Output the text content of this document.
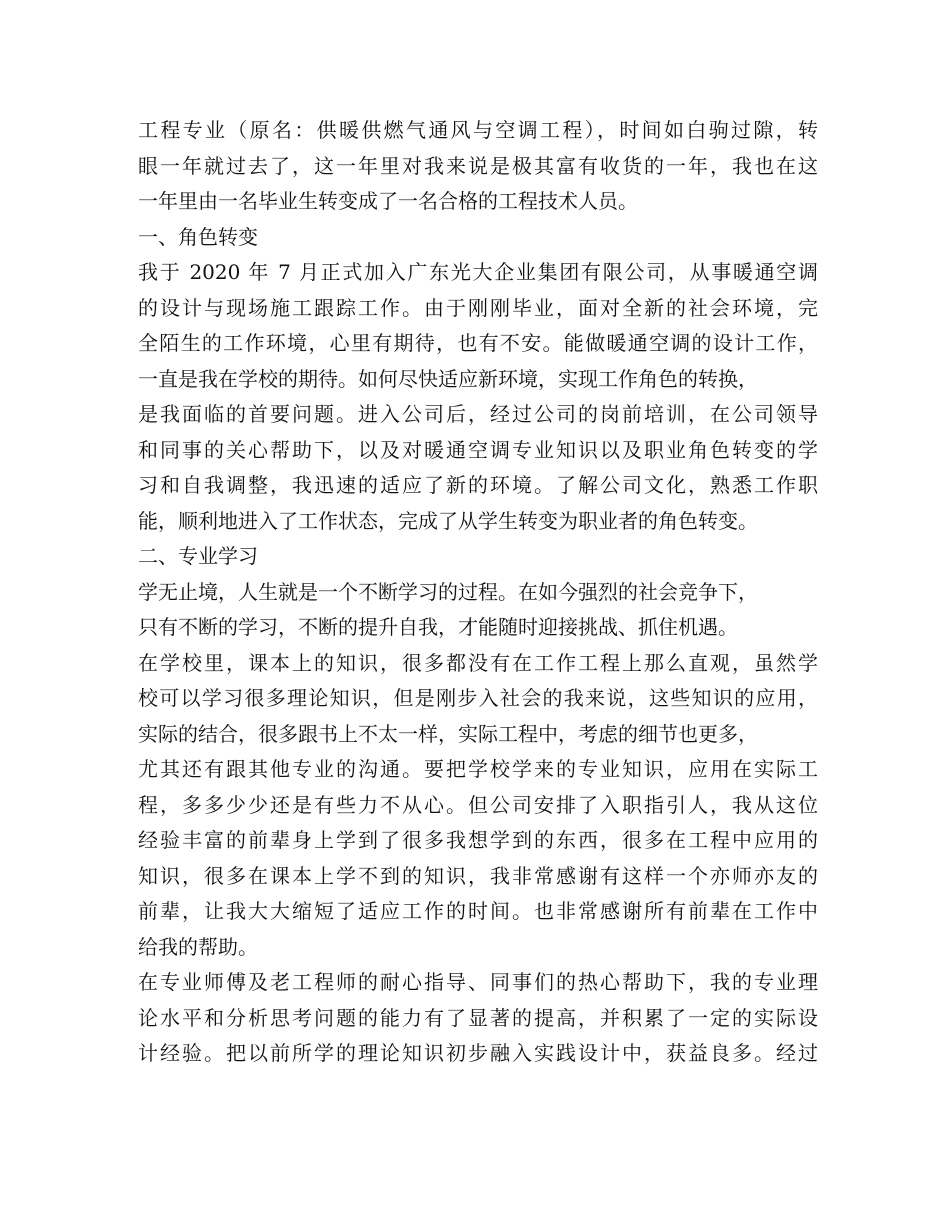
工程专业（原名：供暖供燃气通风与空调工程），时间如白驹过隙，转
眼一年就过去了，这一年里对我来说是极其富有收货的一年，我也在这
一年里由一名毕业生转变成了一名合格的工程技术人员。
一、角色转变
我于 2020 年 7 月正式加入广东光大企业集团有限公司，从事暖通空调
的设计与现场施工跟踪工作。由于刚刚毕业，面对全新的社会环境，完
全陌生的工作环境，心里有期待，也有不安。能做暖通空调的设计工作，
一直是我在学校的期待。如何尽快适应新环境，实现工作角色的转换，
是我面临的首要问题。进入公司后，经过公司的岗前培训，在公司领导
和同事的关心帮助下，以及对暖通空调专业知识以及职业角色转变的学
习和自我调整，我迅速的适应了新的环境。了解公司文化，熟悉工作职
能，顺利地进入了工作状态，完成了从学生转变为职业者的角色转变。
二、专业学习
学无止境，人生就是一个不断学习的过程。在如今强烈的社会竞争下，
只有不断的学习，不断的提升自我，才能随时迎接挑战、抓住机遇。
在学校里，课本上的知识，很多都没有在工作工程上那么直观，虽然学
校可以学习很多理论知识，但是刚步入社会的我来说，这些知识的应用，
实际的结合，很多跟书上不太一样，实际工程中，考虑的细节也更多，
尤其还有跟其他专业的沟通。要把学校学来的专业知识，应用在实际工
程，多多少少还是有些力不从心。但公司安排了入职指引人，我从这位
经验丰富的前辈身上学到了很多我想学到的东西，很多在工程中应用的
知识，很多在课本上学不到的知识，我非常感谢有这样一个亦师亦友的
前辈，让我大大缩短了适应工作的时间。也非常感谢所有前辈在工作中
给我的帮助。
在专业师傅及老工程师的耐心指导、同事们的热心帮助下，我的专业理
论水平和分析思考问题的能力有了显著的提高，并积累了一定的实际设
计经验。把以前所学的理论知识初步融入实践设计中，获益良多。经过
